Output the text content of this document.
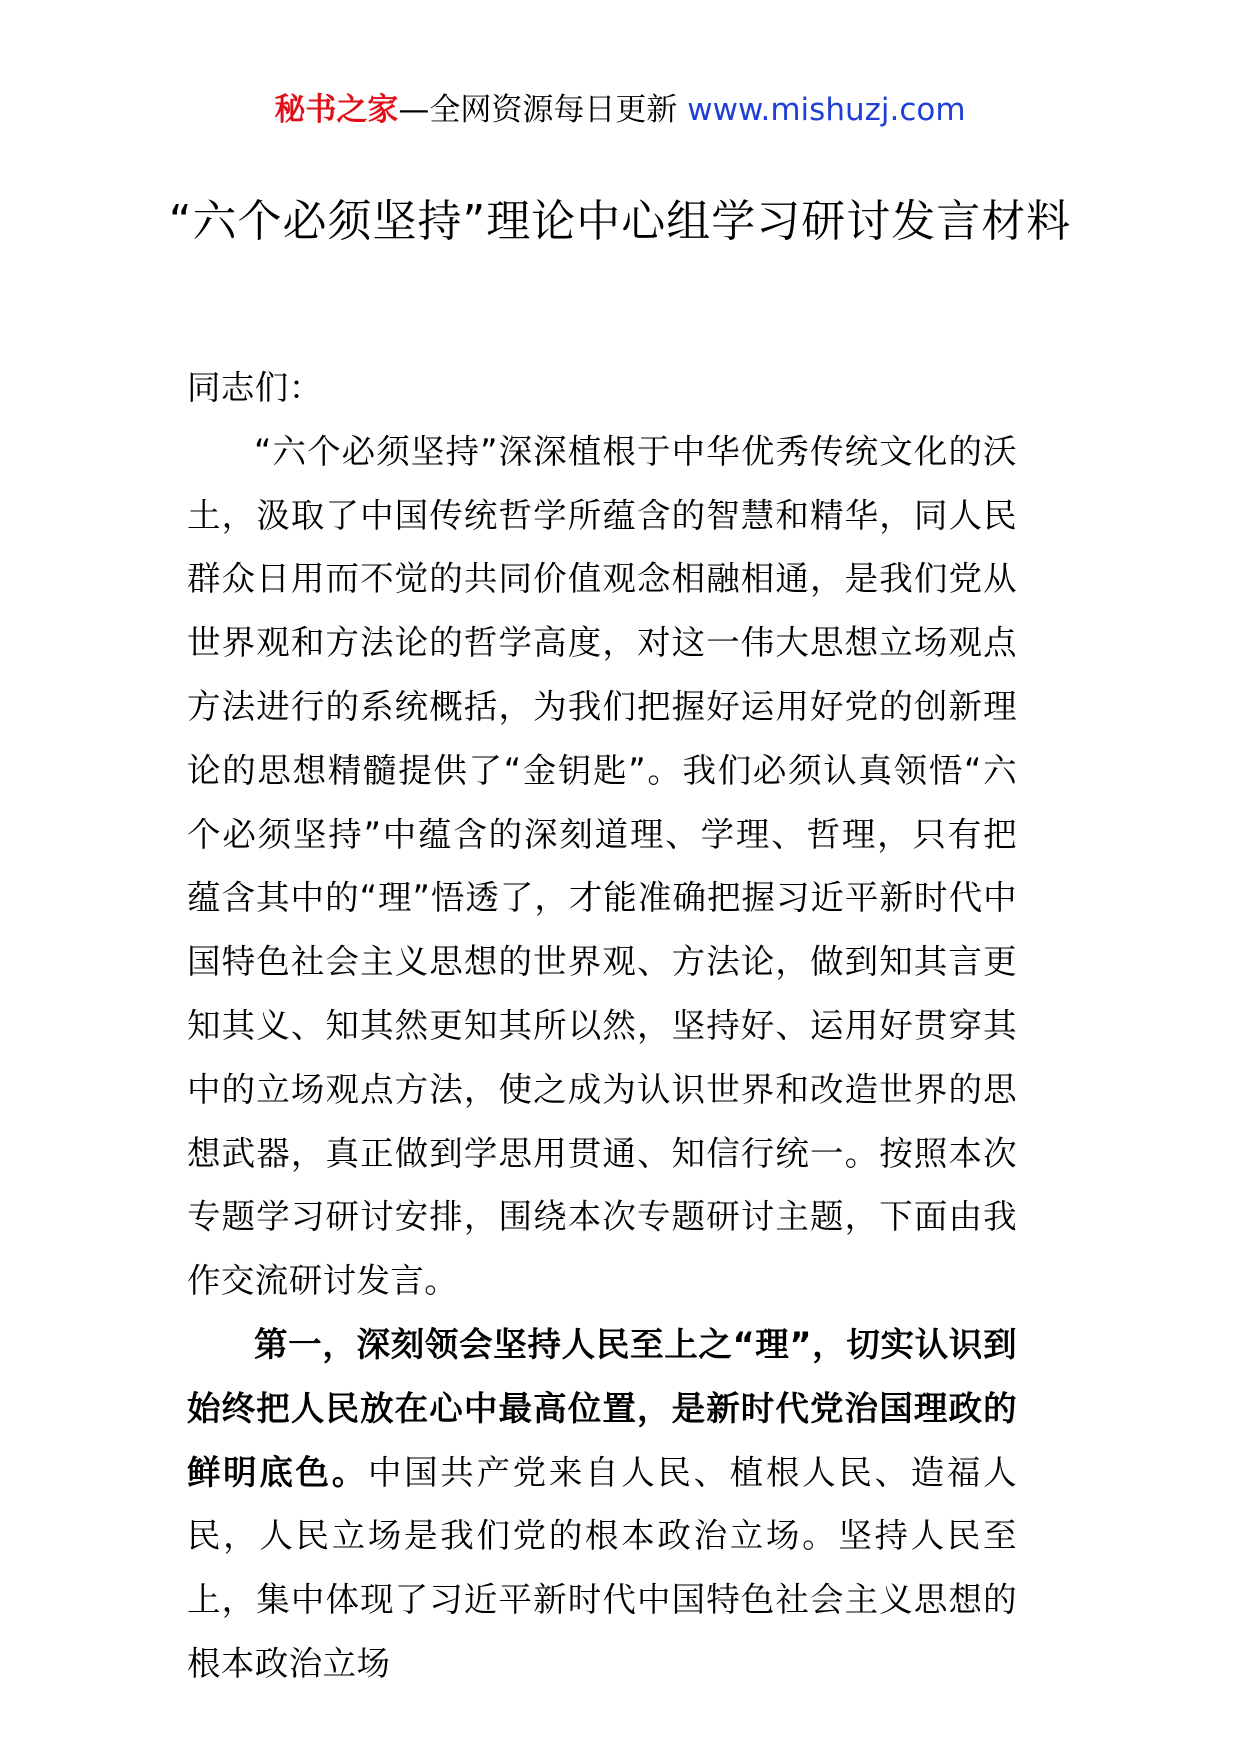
秘书之家—全网资源每日更新 www.mishuzj.com
“六个必须坚持”理论中心组学习研讨发言材料

同志们：

“六个必须坚持”深深植根于中华优秀传统文化的沃土，汲取了中国传统哲学所蕴含的智慧和精华，同人民群众日用而不觉的共同价值观念相融相通，是我们党从世界观和方法论的哲学高度，对这一伟大思想立场观点方法进行的系统概括，为我们把握好运用好党的创新理论的思想精髓提供了“金钥匙”。我们必须认真领悟“六个必须坚持”中蕴含的深刻道理、学理、哲理，只有把蕴含其中的“理”悟透了，才能准确把握习近平新时代中国特色社会主义思想的世界观、方法论，做到知其言更知其义、知其然更知其所以然，坚持好、运用好贯穿其中的立场观点方法，使之成为认识世界和改造世界的思想武器，真正做到学思用贯通、知信行统一。按照本次专题学习研讨安排，围绕本次专题研讨主题，下面由我作交流研讨发言。

第一，深刻领会坚持人民至上之“理”，切实认识到始终把人民放在心中最高位置，是新时代党治国理政的鲜明底色。中国共产党来自人民、植根人民、造福人民，人民立场是我们党的根本政治立场。坚持人民至上，集中体现了习近平新时代中国特色社会主义思想的根本政治立场
